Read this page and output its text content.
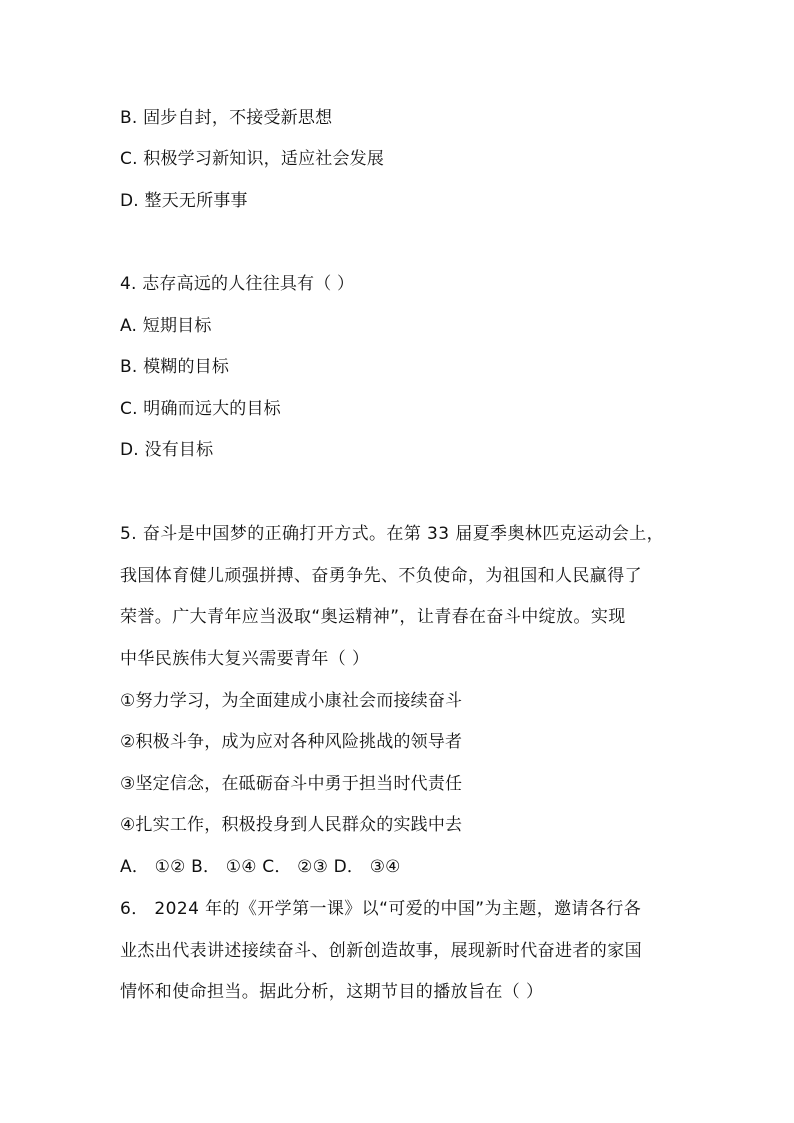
B. 固步自封，不接受新思想
C. 积极学习新知识，适应社会发展
D. 整天无所事事
4. 志存高远的人往往具有（ ）
A. 短期目标
B. 模糊的目标
C. 明确而远大的目标
D. 没有目标
5. 奋斗是中国梦的正确打开方式。在第 33 届夏季奥林匹克运动会上，
我国体育健儿顽强拼搏、奋勇争先、不负使命，为祖国和人民赢得了
荣誉。广大青年应当汲取“奥运精神”，让青春在奋斗中绽放。实现
中华民族伟大复兴需要青年（ ）
①努力学习，为全面建成小康社会而接续奋斗
②积极斗争，成为应对各种风险挑战的领导者
③坚定信念，在砥砺奋斗中勇于担当时代责任
④扎实工作，积极投身到人民群众的实践中去
A． ①② B． ①④ C． ②③ D． ③④
6． 2024 年的《开学第一课》以“可爱的中国”为主题，邀请各行各
业杰出代表讲述接续奋斗、创新创造故事，展现新时代奋进者的家国
情怀和使命担当。据此分析，这期节目的播放旨在（ ）
